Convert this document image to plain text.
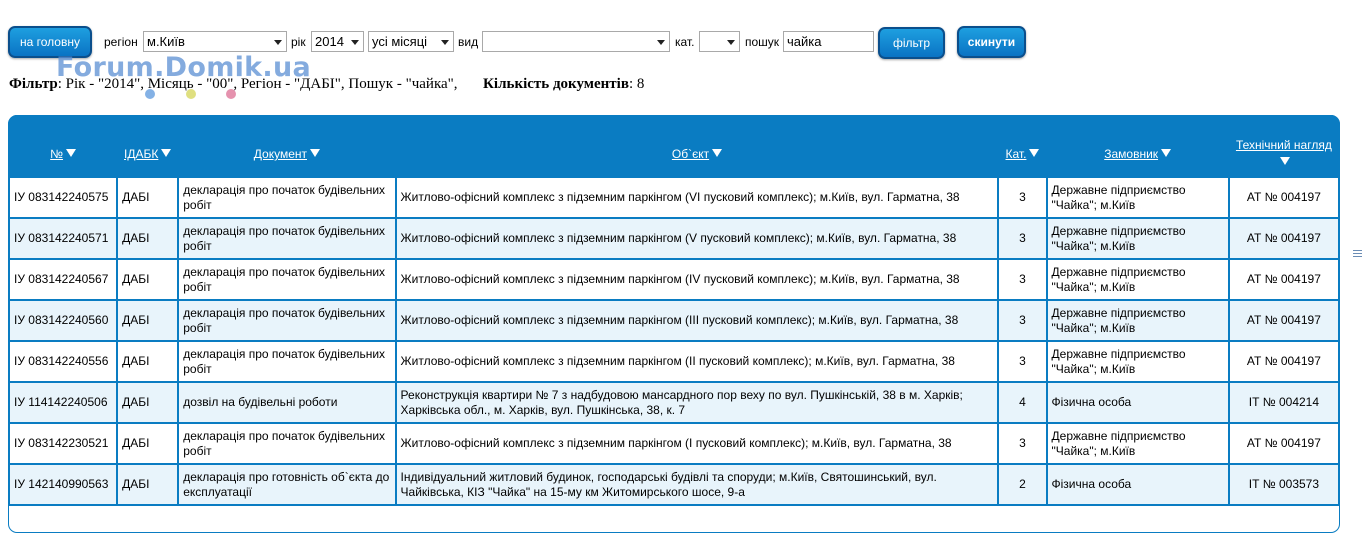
на головну	регіон м.Київ	рік 2014	усі місяці	вид	кат.	пошук
чайка	фільтр	скинути
Forum.Domik.ua
Фільтр: Рік - "2014", Місяць - "00", Регіон - "ДАБІ", Пошук - "чайка", Кількість документів: 8
№	ІДАБК	Документ	Об`єкт	Кат.	Замовник	Технічний нагляд
ІУ 083142240575	ДАБІ	декларація про початок будівельних робіт	Житлово-офісний комплекс з підземним паркінгом (VI пусковий комплекс); м.Київ, вул. Гарматна, 38	3	Державне підприємство "Чайка"; м.Київ	АТ № 004197
ІУ 083142240571	ДАБІ	декларація про початок будівельних робіт	Житлово-офісний комплекс з підземним паркінгом (V пусковий комплекс); м.Київ, вул. Гарматна, 38	3	Державне підприємство "Чайка"; м.Київ	АТ № 004197
ІУ 083142240567	ДАБІ	декларація про початок будівельних робіт	Житлово-офісний комплекс з підземним паркінгом (IV пусковий комплекс); м.Київ, вул. Гарматна, 38	3	Державне підприємство "Чайка"; м.Київ	АТ № 004197
ІУ 083142240560	ДАБІ	декларація про початок будівельних робіт	Житлово-офісний комплекс з підземним паркінгом (III пусковий комплекс); м.Київ, вул. Гарматна, 38	3	Державне підприємство "Чайка"; м.Київ	АТ № 004197
ІУ 083142240556	ДАБІ	декларація про початок будівельних робіт	Житлово-офісний комплекс з підземним паркінгом (II пусковий комплекс); м.Київ, вул. Гарматна, 38	3	Державне підприємство "Чайка"; м.Київ	АТ № 004197
ІУ 114142240506	ДАБІ	дозвіл на будівельні роботи	Реконструкція квартири № 7 з надбудовою мансардного пор веху по вул. Пушкінській, 38 в м. Харків; Харківська обл., м. Харків, вул. Пушкінська, 38, к. 7	4	Фізична особа	ІТ № 004214
ІУ 083142230521	ДАБІ	декларація про початок будівельних робіт	Житлово-офісний комплекс з підземним паркінгом (I пусковий комплекс); м.Київ, вул. Гарматна, 38	3	Державне підприємство "Чайка"; м.Київ	АТ № 004197
ІУ 142140990563	ДАБІ	декларація про готовність об`єкта до експлуатації	Індивідуальний житловий будинок, господарські будівлі та споруди; м.Київ, Святошинський, вул. Чайківська, КІЗ "Чайка" на 15-му км Житомирського шосе, 9-а	2	Фізична особа	ІТ № 003573
